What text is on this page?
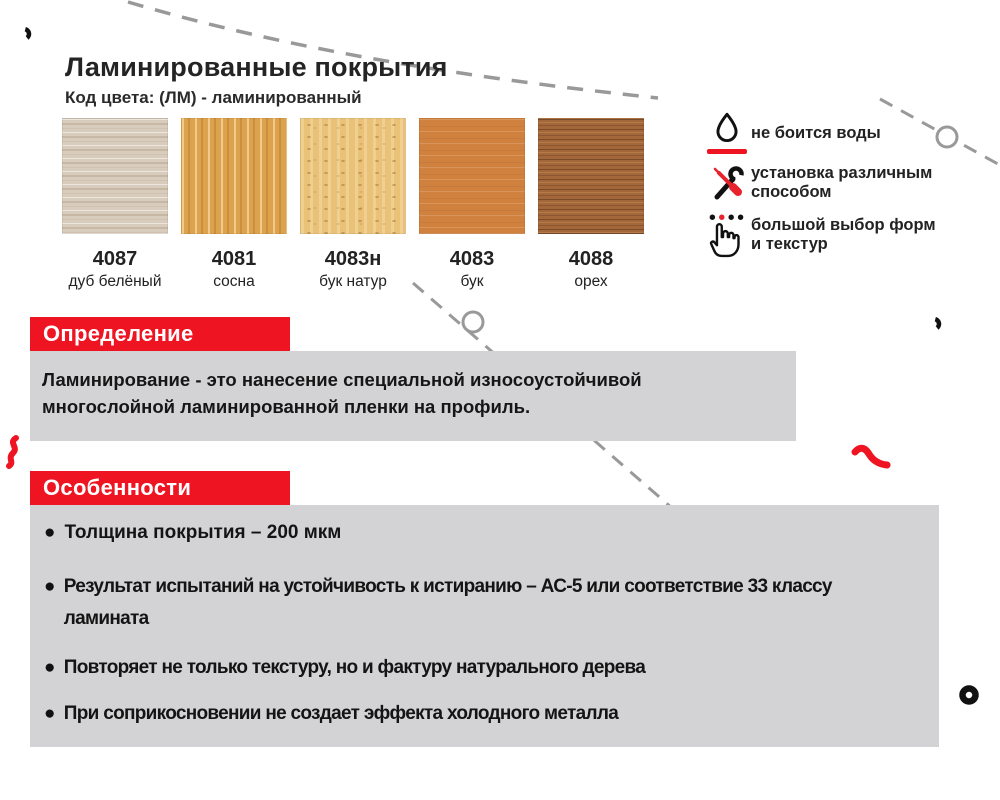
Ламинированные покрытия
Код цвета: (ЛМ) - ламинированный
4087
дуб белёный
4081
сосна
4083н
бук натур
4083
бук
4088
орех
не боится воды
установка различным способом
большой выбор форм и текстур
Определение
Ламинирование - это нанесение специальной износоустойчивой многослойной ламинированной пленки на профиль.
Особенности
● Толщина покрытия – 200 мкм
● Результат испытаний на устойчивость к истиранию – АС-5 или соответствие 33 классу ламината
● Повторяет не только текстуру, но и фактуру натурального дерева
● При соприкосновении не создает эффекта холодного металла
